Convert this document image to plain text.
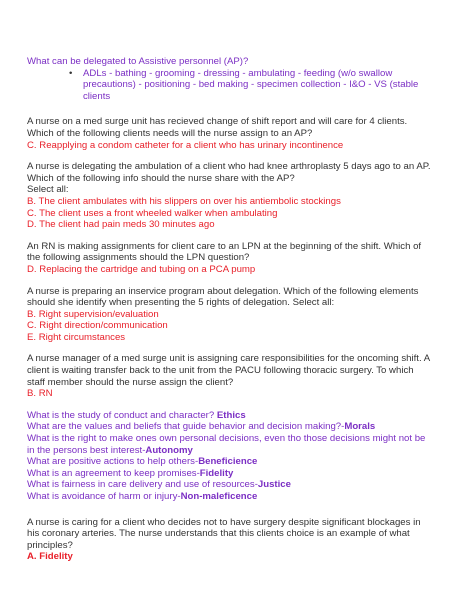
What can be delegated to Assistive personnel (AP)?
• ADLs - bathing - grooming - dressing - ambulating - feeding (w/o swallow precautions) - positioning - bed making - specimen collection - I&O - VS (stable clients
A nurse on a med surge unit has recieved change of shift report and will care for 4 clients. Which of the following clients needs will the nurse assign to an AP?
C. Reapplying a condom catheter for a client who has urinary incontinence
A nurse is delegating the ambulation of a client who had knee arthroplasty 5 days ago to an AP. Which of the following info should the nurse share with the AP?
Select all:
B. The client ambulates with his slippers on over his antiembolic stockings
C. The client uses a front wheeled walker when ambulating
D. The client had pain meds 30 minutes ago
An RN is making assignments for client care to an LPN at the beginning of the shift. Which of the following assignments should the LPN question?
D. Replacing the cartridge and tubing on a PCA pump
A nurse is preparing an inservice program about delegation. Which of the following elements should she identify when presenting the 5 rights of delegation. Select all:
B. Right supervision/evaluation
C. Right direction/communication
E. Right circumstances
A nurse manager of a med surge unit is assigning care responsibilities for the oncoming shift. A client is waiting transfer back to the unit from the PACU following thoracic surgery. To which staff member should the nurse assign the client?
B. RN
What is the study of conduct and character? Ethics
What are the values and beliefs that guide behavior and decision making?-Morals
What is the right to make ones own personal decisions, even tho those decisions might not be in the persons best interest-Autonomy
What are positive actions to help others-Beneficience
What is an agreement to keep promises-Fidelity
What is fairness in care delivery and use of resources-Justice
What is avoidance of harm or injury-Non-maleficence
A nurse is caring for a client who decides not to have surgery despite significant blockages in his coronary arteries. The nurse understands that this clients choice is an example of what principles?
A. Fidelity
